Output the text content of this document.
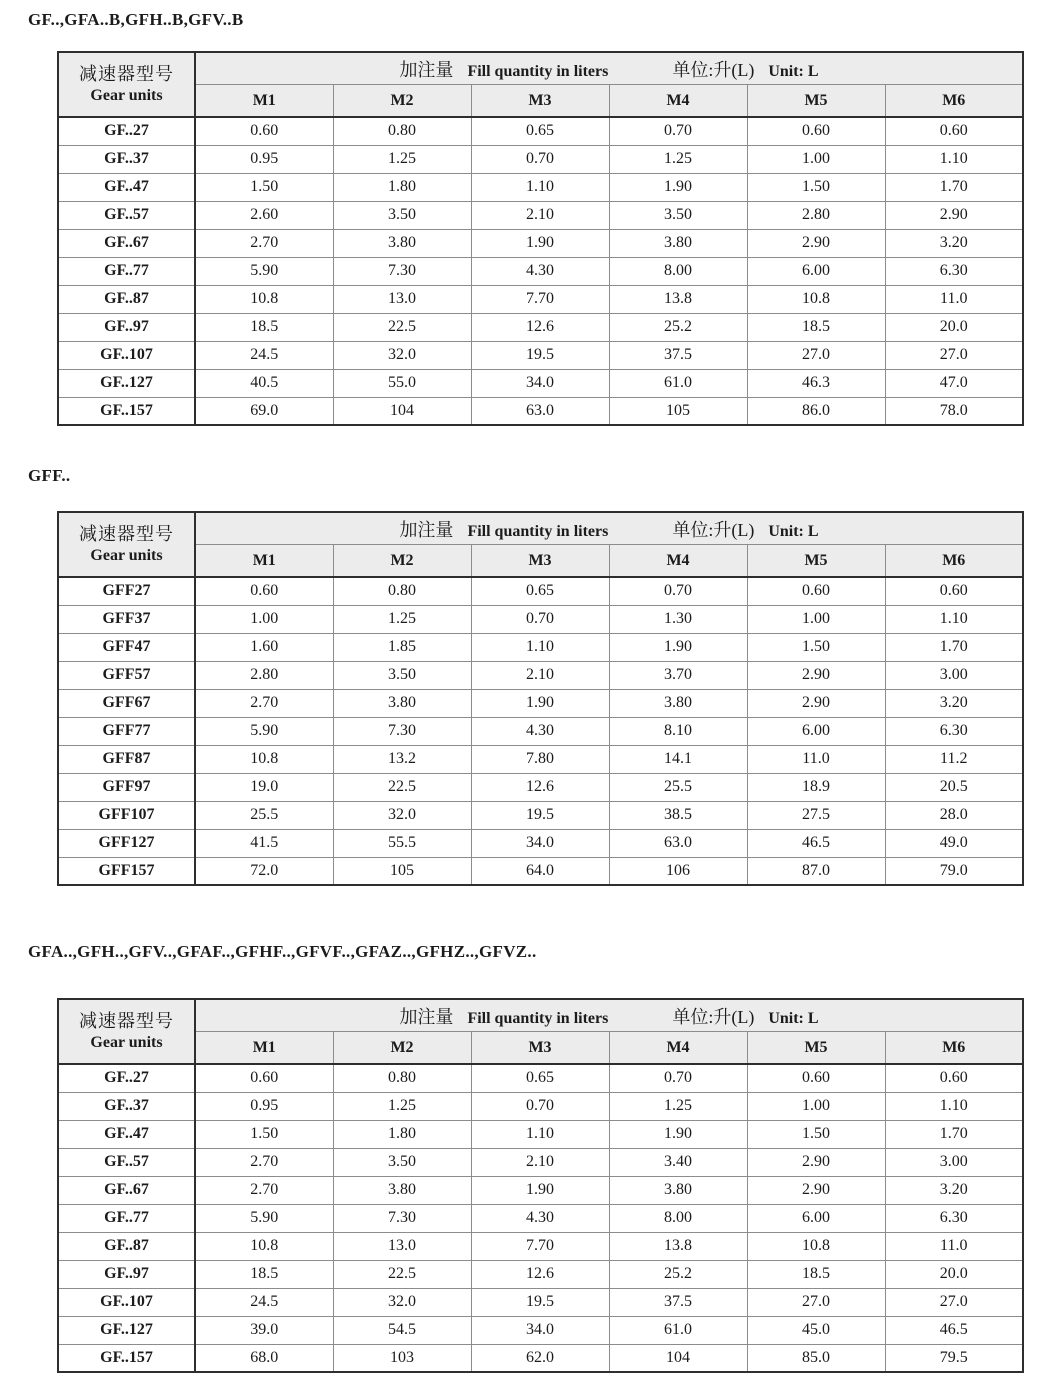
GF..,GFA..B,GFH..B,GFV..B
减速器型号
Gear units

加注量 Fill quantity in liters	单位:升(L) Unit: L

	M1	M2	M3	M4	M5	M6
GF..27	0.60	0.80	0.65	0.70	0.60	0.60
GF..37	0.95	1.25	0.70	1.25	1.00	1.10
GF..47	1.50	1.80	1.10	1.90	1.50	1.70
GF..57	2.60	3.50	2.10	3.50	2.80	2.90
GF..67	2.70	3.80	1.90	3.80	2.90	3.20
GF..77	5.90	7.30	4.30	8.00	6.00	6.30
GF..87	10.8	13.0	7.70	13.8	10.8	11.0
GF..97	18.5	22.5	12.6	25.2	18.5	20.0
GF..107	24.5	32.0	19.5	37.5	27.0	27.0
GF..127	40.5	55.0	34.0	61.0	46.3	47.0
GF..157	69.0	104	63.0	105	86.0	78.0
GFF..
减速器型号
Gear units

加注量 Fill quantity in liters	单位:升(L) Unit: L

	M1	M2	M3	M4	M5	M6
GFF27	0.60	0.80	0.65	0.70	0.60	0.60
GFF37	1.00	1.25	0.70	1.30	1.00	1.10
GFF47	1.60	1.85	1.10	1.90	1.50	1.70
GFF57	2.80	3.50	2.10	3.70	2.90	3.00
GFF67	2.70	3.80	1.90	3.80	2.90	3.20
GFF77	5.90	7.30	4.30	8.10	6.00	6.30
GFF87	10.8	13.2	7.80	14.1	11.0	11.2
GFF97	19.0	22.5	12.6	25.5	18.9	20.5
GFF107	25.5	32.0	19.5	38.5	27.5	28.0
GFF127	41.5	55.5	34.0	63.0	46.5	49.0
GFF157	72.0	105	64.0	106	87.0	79.0
GFA..,GFH..,GFV..,GFAF..,GFHF..,GFVF..,GFAZ..,GFHZ..,GFVZ..
减速器型号
Gear units

加注量 Fill quantity in liters	单位:升(L) Unit: L

	M1	M2	M3	M4	M5	M6
GF..27	0.60	0.80	0.65	0.70	0.60	0.60
GF..37	0.95	1.25	0.70	1.25	1.00	1.10
GF..47	1.50	1.80	1.10	1.90	1.50	1.70
GF..57	2.70	3.50	2.10	3.40	2.90	3.00
GF..67	2.70	3.80	1.90	3.80	2.90	3.20
GF..77	5.90	7.30	4.30	8.00	6.00	6.30
GF..87	10.8	13.0	7.70	13.8	10.8	11.0
GF..97	18.5	22.5	12.6	25.2	18.5	20.0
GF..107	24.5	32.0	19.5	37.5	27.0	27.0
GF..127	39.0	54.5	34.0	61.0	45.0	46.5
GF..157	68.0	103	62.0	104	85.0	79.5
